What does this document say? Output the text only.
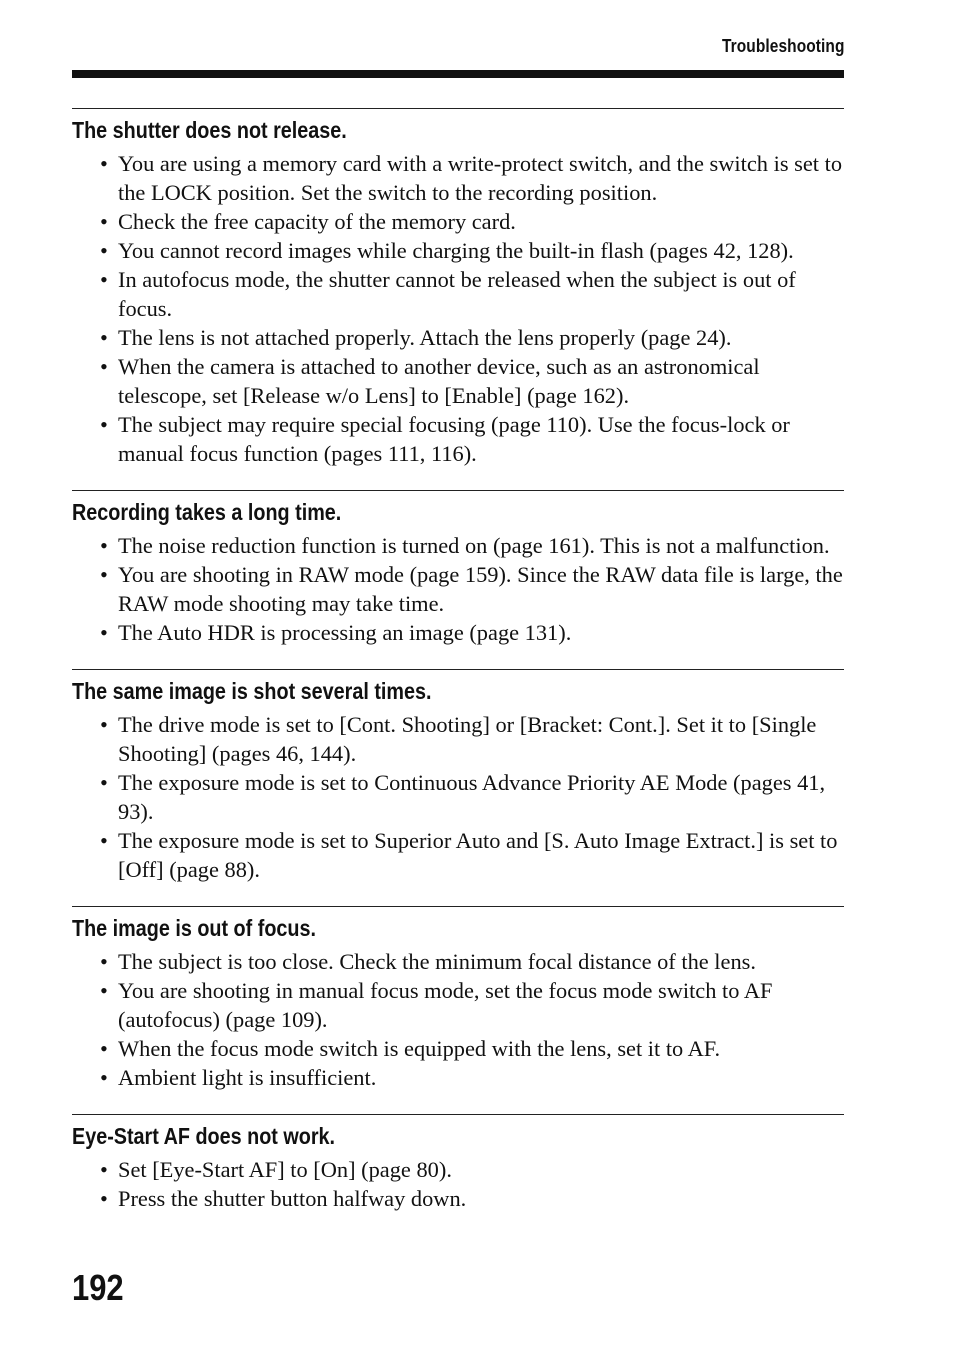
Troubleshooting
The shutter does not release.
• You are using a memory card with a write-protect switch, and the switch is set to the LOCK position. Set the switch to the recording position.
• Check the free capacity of the memory card.
• You cannot record images while charging the built-in flash (pages 42, 128).
• In autofocus mode, the shutter cannot be released when the subject is out of focus.
• The lens is not attached properly. Attach the lens properly (page 24).
• When the camera is attached to another device, such as an astronomical telescope, set [Release w/o Lens] to [Enable] (page 162).
• The subject may require special focusing (page 110). Use the focus-lock or manual focus function (pages 111, 116).
Recording takes a long time.
• The noise reduction function is turned on (page 161). This is not a malfunction.
• You are shooting in RAW mode (page 159). Since the RAW data file is large, the RAW mode shooting may take time.
• The Auto HDR is processing an image (page 131).
The same image is shot several times.
• The drive mode is set to [Cont. Shooting] or [Bracket: Cont.]. Set it to [Single Shooting] (pages 46, 144).
• The exposure mode is set to Continuous Advance Priority AE Mode (pages 41, 93).
• The exposure mode is set to Superior Auto and [S. Auto Image Extract.] is set to [Off] (page 88).
The image is out of focus.
• The subject is too close. Check the minimum focal distance of the lens.
• You are shooting in manual focus mode, set the focus mode switch to AF (autofocus) (page 109).
• When the focus mode switch is equipped with the lens, set it to AF.
• Ambient light is insufficient.
Eye-Start AF does not work.
• Set [Eye-Start AF] to [On] (page 80).
• Press the shutter button halfway down.
192
